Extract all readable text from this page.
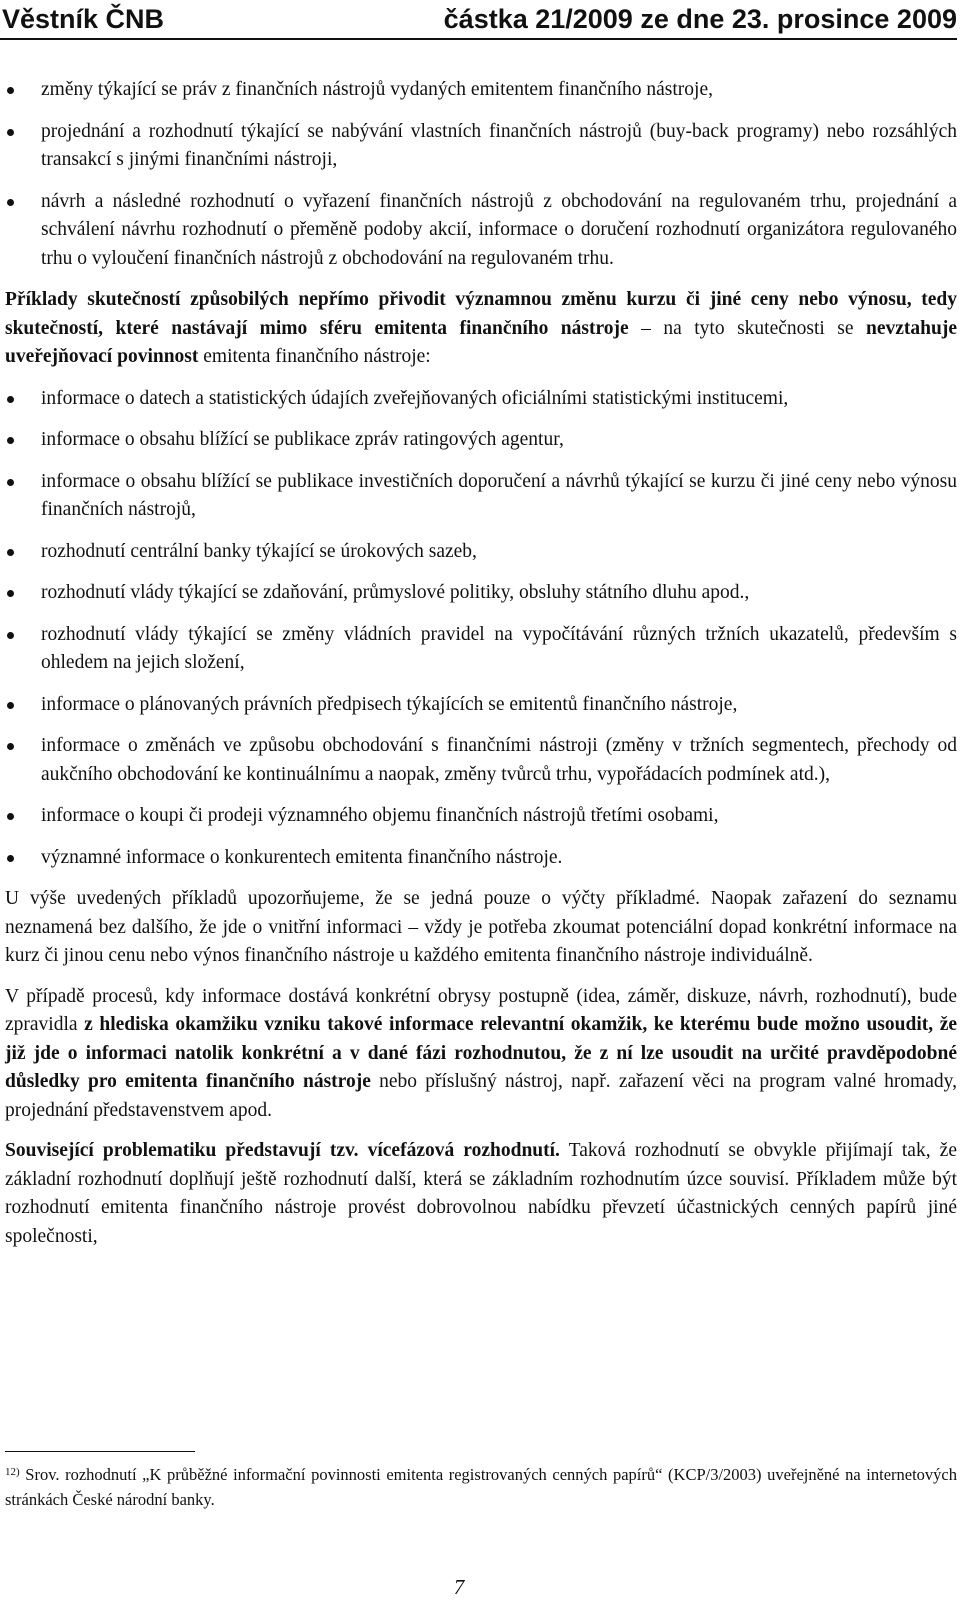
Věstník ČNB	částka 21/2009 ze dne 23. prosince 2009
změny týkající se práv z finančních nástrojů vydaných emitentem finančního nástroje,
projednání a rozhodnutí týkající se nabývání vlastních finančních nástrojů (buy-back programy) nebo rozsáhlých transakcí s jinými finančními nástroji,
návrh a následné rozhodnutí o vyřazení finančních nástrojů z obchodování na regulovaném trhu, projednání a schválení návrhu rozhodnutí o přeměně podoby akcií, informace o doručení rozhodnutí organizátora regulovaného trhu o vyloučení finančních nástrojů z obchodování na regulovaném trhu.

Příklady skutečností způsobilých nepřímo přivodit významnou změnu kurzu či jiné ceny nebo výnosu, tedy skutečností, které nastávají mimo sféru emitenta finančního nástroje – na tyto skutečnosti se nevztahuje uveřejňovací povinnost emitenta finančního nástroje:

informace o datech a statistických údajích zveřejňovaných oficiálními statistickými institucemi,
informace o obsahu blížící se publikace zpráv ratingových agentur,
informace o obsahu blížící se publikace investičních doporučení a návrhů týkající se kurzu či jiné ceny nebo výnosu finančních nástrojů,
rozhodnutí centrální banky týkající se úrokových sazeb,
rozhodnutí vlády týkající se zdaňování, průmyslové politiky, obsluhy státního dluhu apod.,
rozhodnutí vlády týkající se změny vládních pravidel na vypočítávání různých tržních ukazatelů, především s ohledem na jejich složení,
informace o plánovaných právních předpisech týkajících se emitentů finančního nástroje,
informace o změnách ve způsobu obchodování s finančními nástroji (změny v tržních segmentech, přechody od aukčního obchodování ke kontinuálnímu a naopak, změny tvůrců trhu, vypořádacích podmínek atd.),
informace o koupi či prodeji významného objemu finančních nástrojů třetími osobami,
významné informace o konkurentech emitenta finančního nástroje.

U výše uvedených příkladů upozorňujeme, že se jedná pouze o výčty příkladmé. Naopak zařazení do seznamu neznamená bez dalšího, že jde o vnitřní informaci – vždy je potřeba zkoumat potenciální dopad konkrétní informace na kurz či jinou cenu nebo výnos finančního nástroje u každého emitenta finančního nástroje individuálně.

V případě procesů, kdy informace dostává konkrétní obrysy postupně (idea, záměr, diskuze, návrh, rozhodnutí), bude zpravidla z hlediska okamžiku vzniku takové informace relevantní okamžik, ke kterému bude možno usoudit, že již jde o informaci natolik konkrétní a v dané fázi rozhodnutou, že z ní lze usoudit na určité pravděpodobné důsledky pro emitenta finančního nástroje nebo příslušný nástroj, např. zařazení věci na program valné hromady, projednání představenstvem apod.

Související problematiku představují tzv. vícefázová rozhodnutí. Taková rozhodnutí se obvykle přijímají tak, že základní rozhodnutí doplňují ještě rozhodnutí další, která se základním rozhodnutím úzce souvisí. Příkladem může být rozhodnutí emitenta finančního nástroje provést dobrovolnou nabídku převzetí účastnických cenných papírů jiné společnosti,

$^{12)}$ Srov. rozhodnutí „K průběžné informační povinnosti emitenta registrovaných cenných papírů“ (KCP/3/2003) uveřejněné na internetových stránkách České národní banky.
7
